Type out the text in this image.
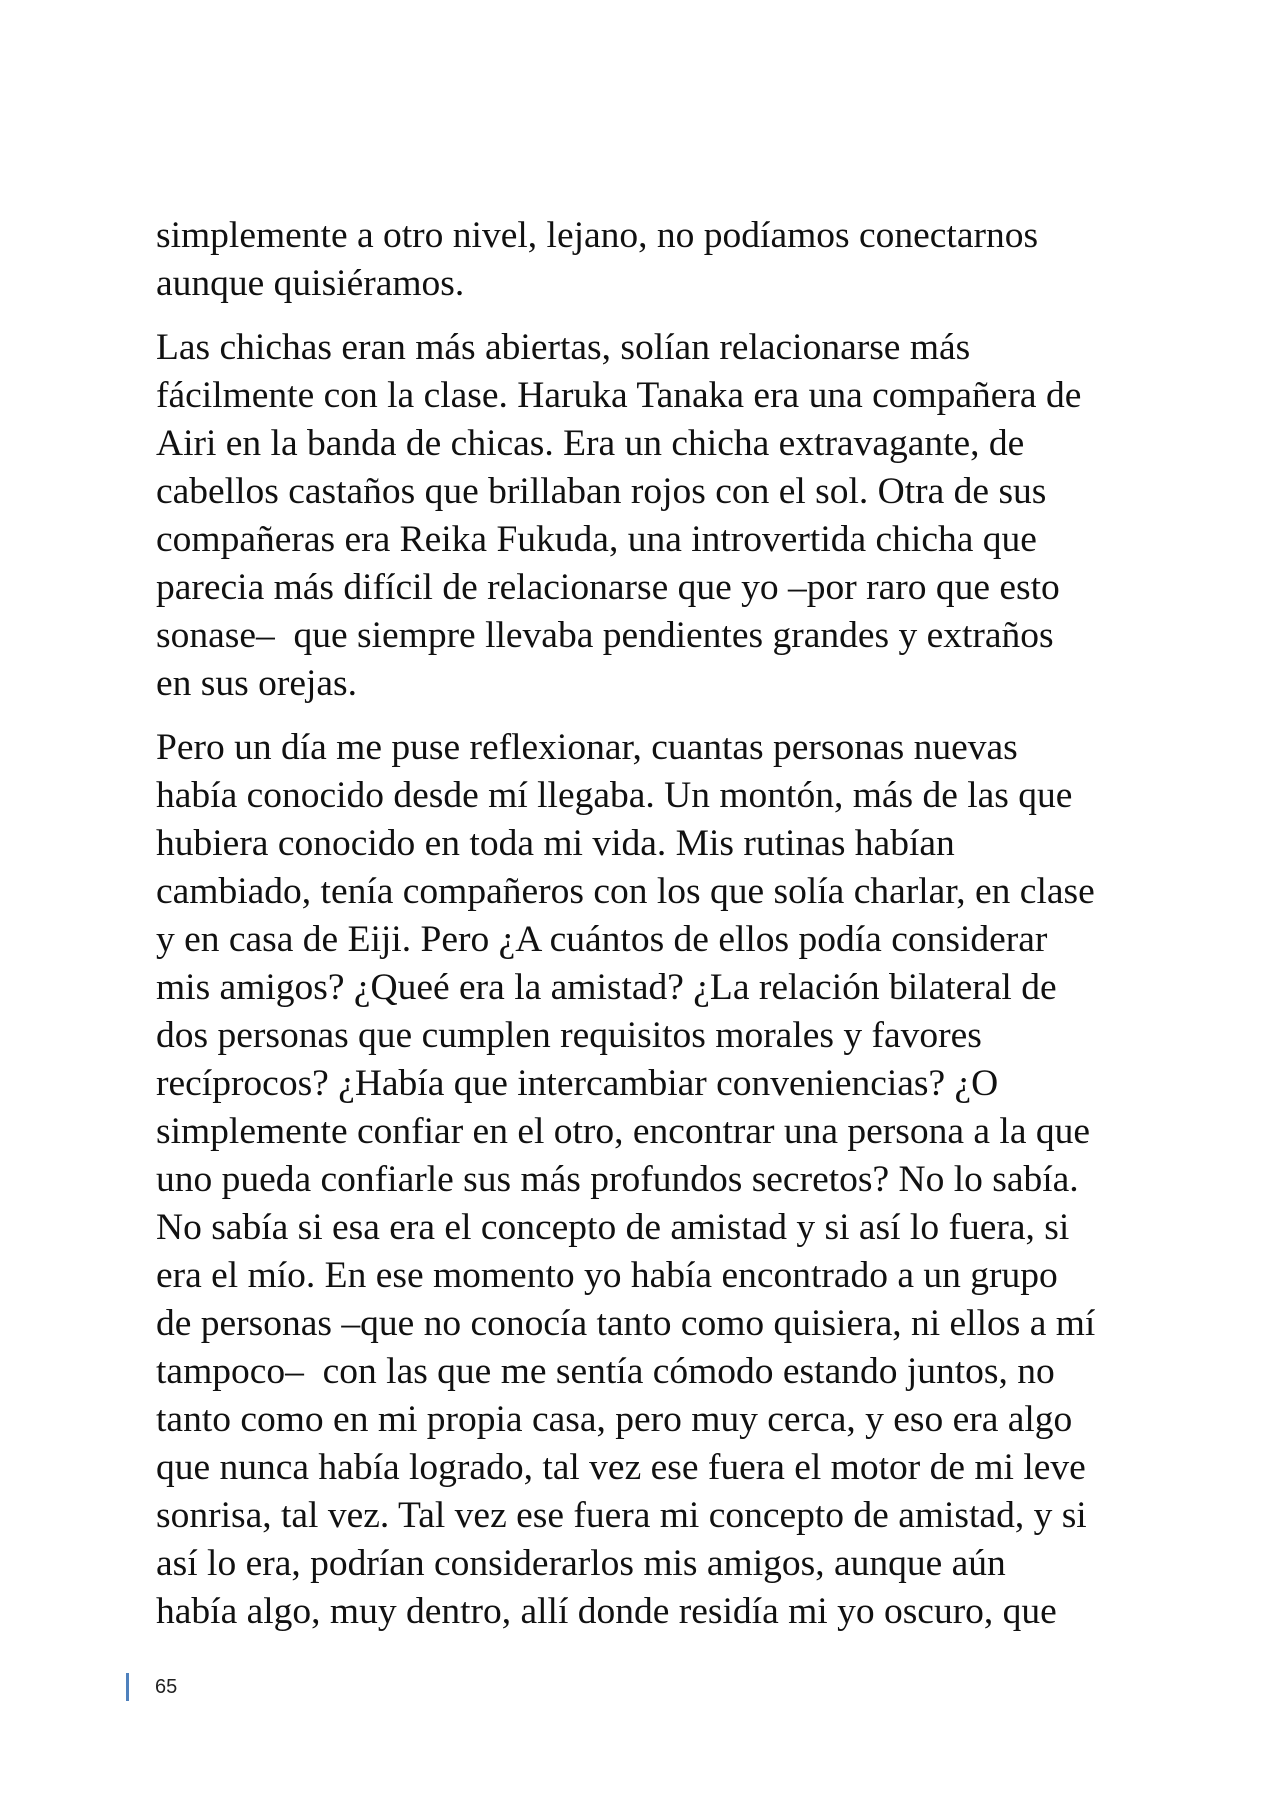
simplemente a otro nivel, lejano, no podíamos conectarnos
aunque quisiéramos.

Las chichas eran más abiertas, solían relacionarse más
fácilmente con la clase. Haruka Tanaka era una compañera de
Airi en la banda de chicas. Era un chicha extravagante, de
cabellos castaños que brillaban rojos con el sol. Otra de sus
compañeras era Reika Fukuda, una introvertida chicha que
parecia más difícil de relacionarse que yo –por raro que esto
sonase–  que siempre llevaba pendientes grandes y extraños
en sus orejas.

Pero un día me puse reflexionar, cuantas personas nuevas
había conocido desde mí llegaba. Un montón, más de las que
hubiera conocido en toda mi vida. Mis rutinas habían
cambiado, tenía compañeros con los que solía charlar, en clase
y en casa de Eiji. Pero ¿A cuántos de ellos podía considerar
mis amigos? ¿Queé era la amistad? ¿La relación bilateral de
dos personas que cumplen requisitos morales y favores
recíprocos? ¿Había que intercambiar conveniencias? ¿O
simplemente confiar en el otro, encontrar una persona a la que
uno pueda confiarle sus más profundos secretos? No lo sabía.
No sabía si esa era el concepto de amistad y si así lo fuera, si
era el mío. En ese momento yo había encontrado a un grupo
de personas –que no conocía tanto como quisiera, ni ellos a mí
tampoco–  con las que me sentía cómodo estando juntos, no
tanto como en mi propia casa, pero muy cerca, y eso era algo
que nunca había logrado, tal vez ese fuera el motor de mi leve
sonrisa, tal vez. Tal vez ese fuera mi concepto de amistad, y si
así lo era, podrían considerarlos mis amigos, aunque aún
había algo, muy dentro, allí donde residía mi yo oscuro, que

65
